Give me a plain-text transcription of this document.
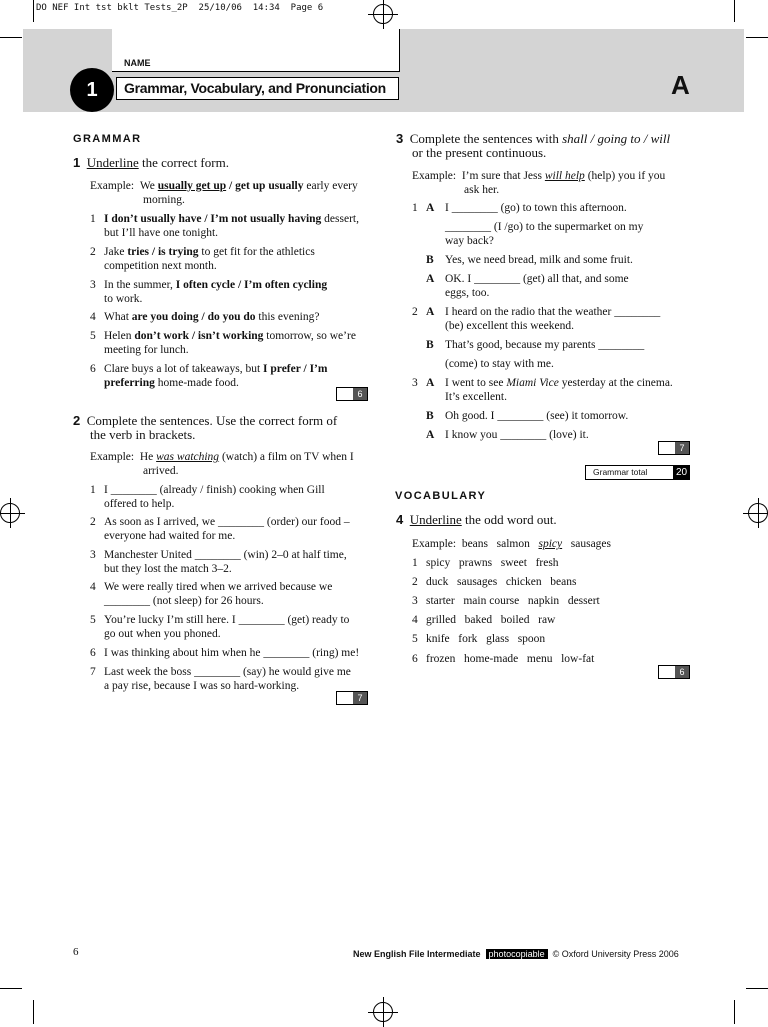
DO NEF Int tst bklt Tests_2P  25/10/06  14:34  Page 6
NAME
Grammar, Vocabulary, and Pronunciation
1	A
GRAMMAR
1 Underline the correct form.
Example: We usually get up / get up usually early every
morning.
1 I don’t usually have / I’m not usually having dessert,
but I’ll have one tonight.
2 Jake tries / is trying to get fit for the athletics
competition next month.
3 In the summer, I often cycle / I’m often cycling
to work.
4 What are you doing / do you do this evening?
5 Helen don’t work / isn’t working tomorrow, so we’re
meeting for lunch.
6 Clare buys a lot of takeaways, but I prefer / I’m
preferring home-made food.
6
2 Complete the sentences. Use the correct form of
the verb in brackets.
Example: He was watching (watch) a film on TV when I
arrived.
1 I ________ (already / finish) cooking when Gill
offered to help.
2 As soon as I arrived, we ________ (order) our food –
everyone had waited for me.
3 Manchester United ________ (win) 2–0 at half time,
but they lost the match 3–2.
4 We were really tired when we arrived because we
________ (not sleep) for 26 hours.
5 You’re lucky I’m still here. I ________ (get) ready to
go out when you phoned.
6 I was thinking about him when he ________ (ring) me!
7 Last week the boss ________ (say) he would give me
a pay rise, because I was so hard-working.
7
3 Complete the sentences with shall / going to / will
or the present continuous.
Example: I’m sure that Jess will help (help) you if you
ask her.
1 A I ________ (go) to town this afternoon.
________ (I /go) to the supermarket on my
way back?
B Yes, we need bread, milk and some fruit.
A OK. I ________ (get) all that, and some
eggs, too.
2 A I heard on the radio that the weather ________
(be) excellent this weekend.
B That’s good, because my parents ________
(come) to stay with me.
3 A I went to see Miami Vice yesterday at the cinema.
It’s excellent.
B Oh good. I ________ (see) it tomorrow.
A I know you ________ (love) it.
7
Grammar total	20
VOCABULARY
4 Underline the odd word out.
Example: beans salmon spicy sausages
1 spicy prawns sweet fresh
2 duck sausages chicken beans
3 starter main course napkin dessert
4 grilled baked boiled raw
5 knife fork glass spoon
6 frozen home-made menu low-fat
6
6	New English File Intermediate photocopiable © Oxford University Press 2006
